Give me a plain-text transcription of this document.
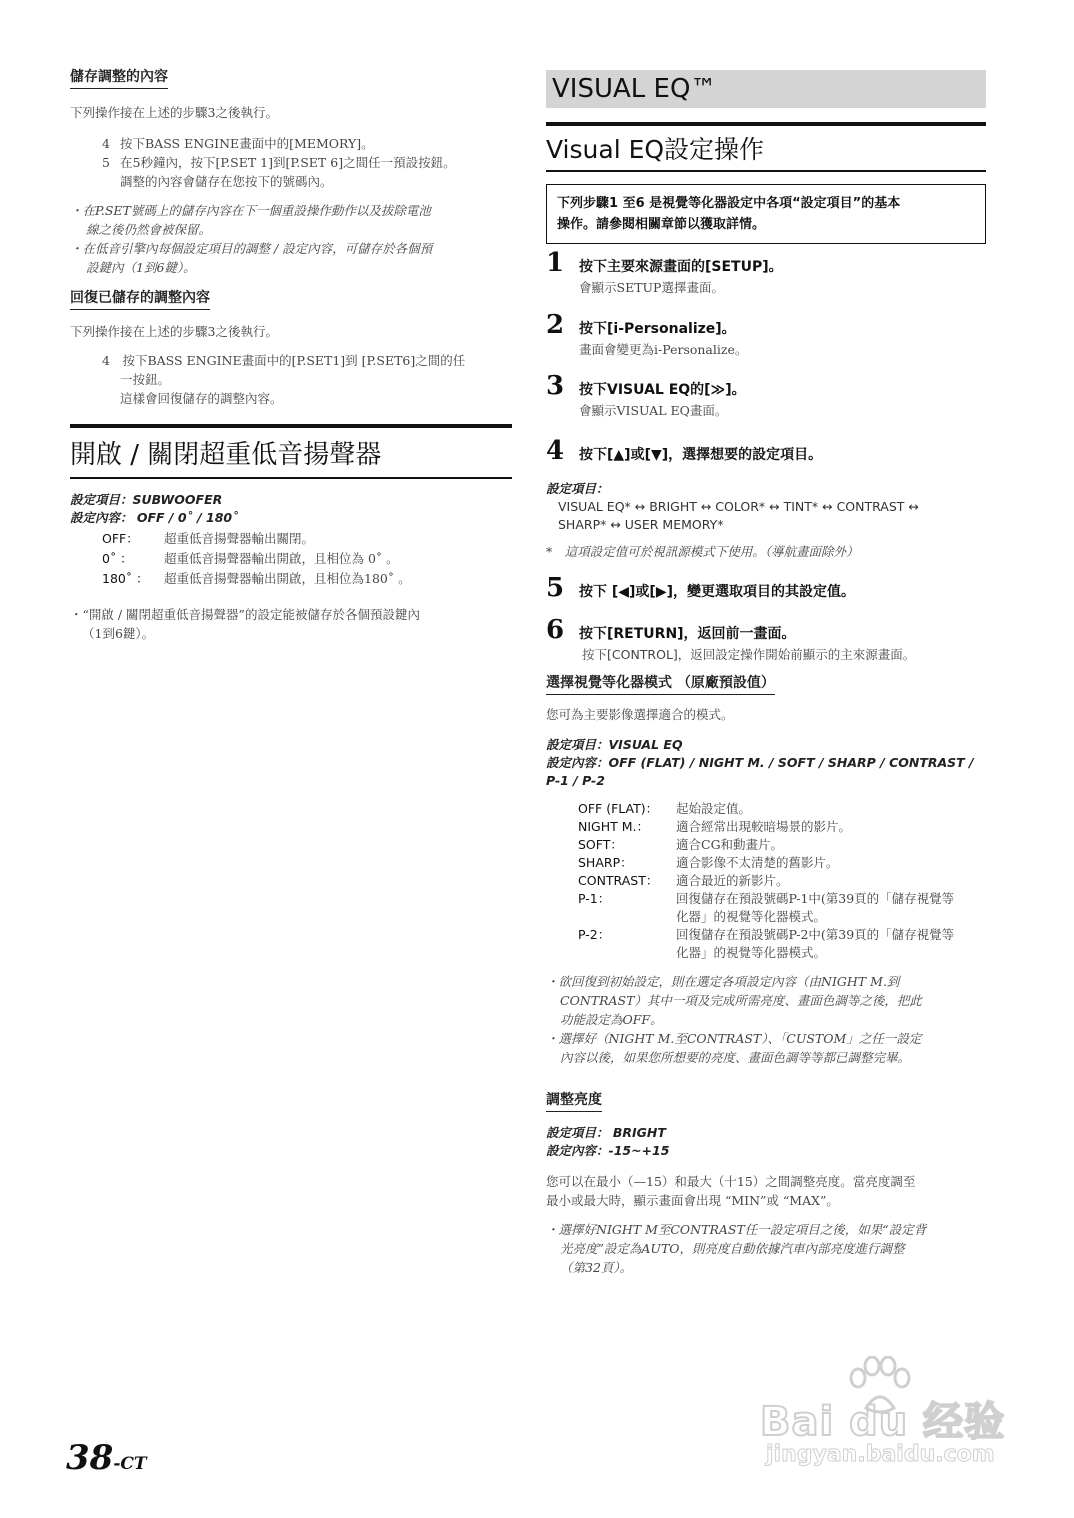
儲存調整的內容

下列操作接在上述的步驟3之後執行。

4 按下BASS ENGINE畫面中的[MEMORY]。
5 在5秒鐘內，按下[P.SET 1]到[P.SET 6]之間任一預設按鈕。
調整的內容會儲存在您按下的號碼內。

・在P.SET號碼上的儲存內容在下一個重設操作動作以及拔除電池

線之後仍然會被保留。

・在低音引擎內每個設定項目的調整 / 設定內容，可儲存於各個預

設鍵內（1到6鍵）。

回復已儲存的調整內容

下列操作接在上述的步驟3之後執行。

4　按下BASS ENGINE畫面中的[P.SET1]到 [P.SET6]之間的任
一按鈕。
這樣會回復儲存的調整內容。
開啟 / 關閉超重低音揚聲器

設定項目：SUBWOOFER

設定內容： OFF / 0˚ / 180˚

OFF： 超重低音揚聲器輸出關閉。
0˚ ：	超重低音揚聲器輸出開啟，且相位為 0˚ 。
180˚ ： 超重低音揚聲器輸出開啟，且相位為180˚ 。

・“開啟 / 關閉超重低音揚聲器”的設定能被儲存於各個預設鍵內

（1到6鍵）。

38-CT
VISUAL EQ™
Visual EQ設定操作
下列步驟1 至6 是視覺等化器設定中各項“設定項目”的基本
操作。請參閱相關章節以獲取詳情。
1 按下主要來源畫面的[SETUP]。
會顯示SETUP選擇畫面。
2 按下[i-Personalize]。
畫面會變更為i-Personalize。
3 按下VISUAL EQ的[≫]。
會顯示VISUAL EQ畫面。
4 按下[▲]或[▼]，選擇想要的設定項目。

設定項目：

VISUAL EQ* ↔ BRIGHT ↔ COLOR* ↔ TINT* ↔ CONTRAST ↔
SHARP* ↔ USER MEMORY*

*　這項設定值可於視訊源模式下使用。（導航畫面除外）

5 按下 [◀]或[▶]，變更選取項目的其設定值。
6 按下[RETURN]，返回前一畫面。
按下[CONTROL]，返回設定操作開始前顯示的主來源畫面。
選擇視覺等化器模式 （原廠預設值）

您可為主要影像選擇適合的模式。

設定項目：VISUAL EQ

設定內容：OFF (FLAT) / NIGHT M. / SOFT / SHARP / CONTRAST /

P-1 / P-2

OFF (FLAT)： 起始設定值。
NIGHT M.： 適合經常出現較暗場景的影片。
SOFT：	適合CG和動畫片。
SHARP：	適合影像不太清楚的舊影片。
CONTRAST： 適合最近的新影片。
P-1：	回復儲存在預設號碼P-1中(第39頁的「儲存視覺等
化器」的視覺等化器模式。
P-2：	回復儲存在預設號碼P-2中(第39頁的「儲存視覺等
化器」的視覺等化器模式。

・欲回復到初始設定，則在選定各項設定內容（由NIGHT M.到

CONTRAST）其中一項及完成所需亮度、畫面色調等之後，把此

功能設定為OFF。

・選擇好（NIGHT M.至CONTRAST）、「CUSTOM」之任一設定

內容以後，如果您所想要的亮度、畫面色調等等都已調整完畢。

調整亮度

設定項目： BRIGHT

設定內容：-15~+15

您可以在最小（—15）和最大（十15）之間調整亮度。當亮度調至

最小或最大時，顯示畫面會出現 “MIN”或 “MAX”。

・選擇好NIGHT M至CONTRAST任一設定項目之後，如果“設定背

光亮度”設定為AUTO，則亮度自動依據汽車內部亮度進行調整

（第32頁）。

Bai du 经验
jingyan.baidu.com
